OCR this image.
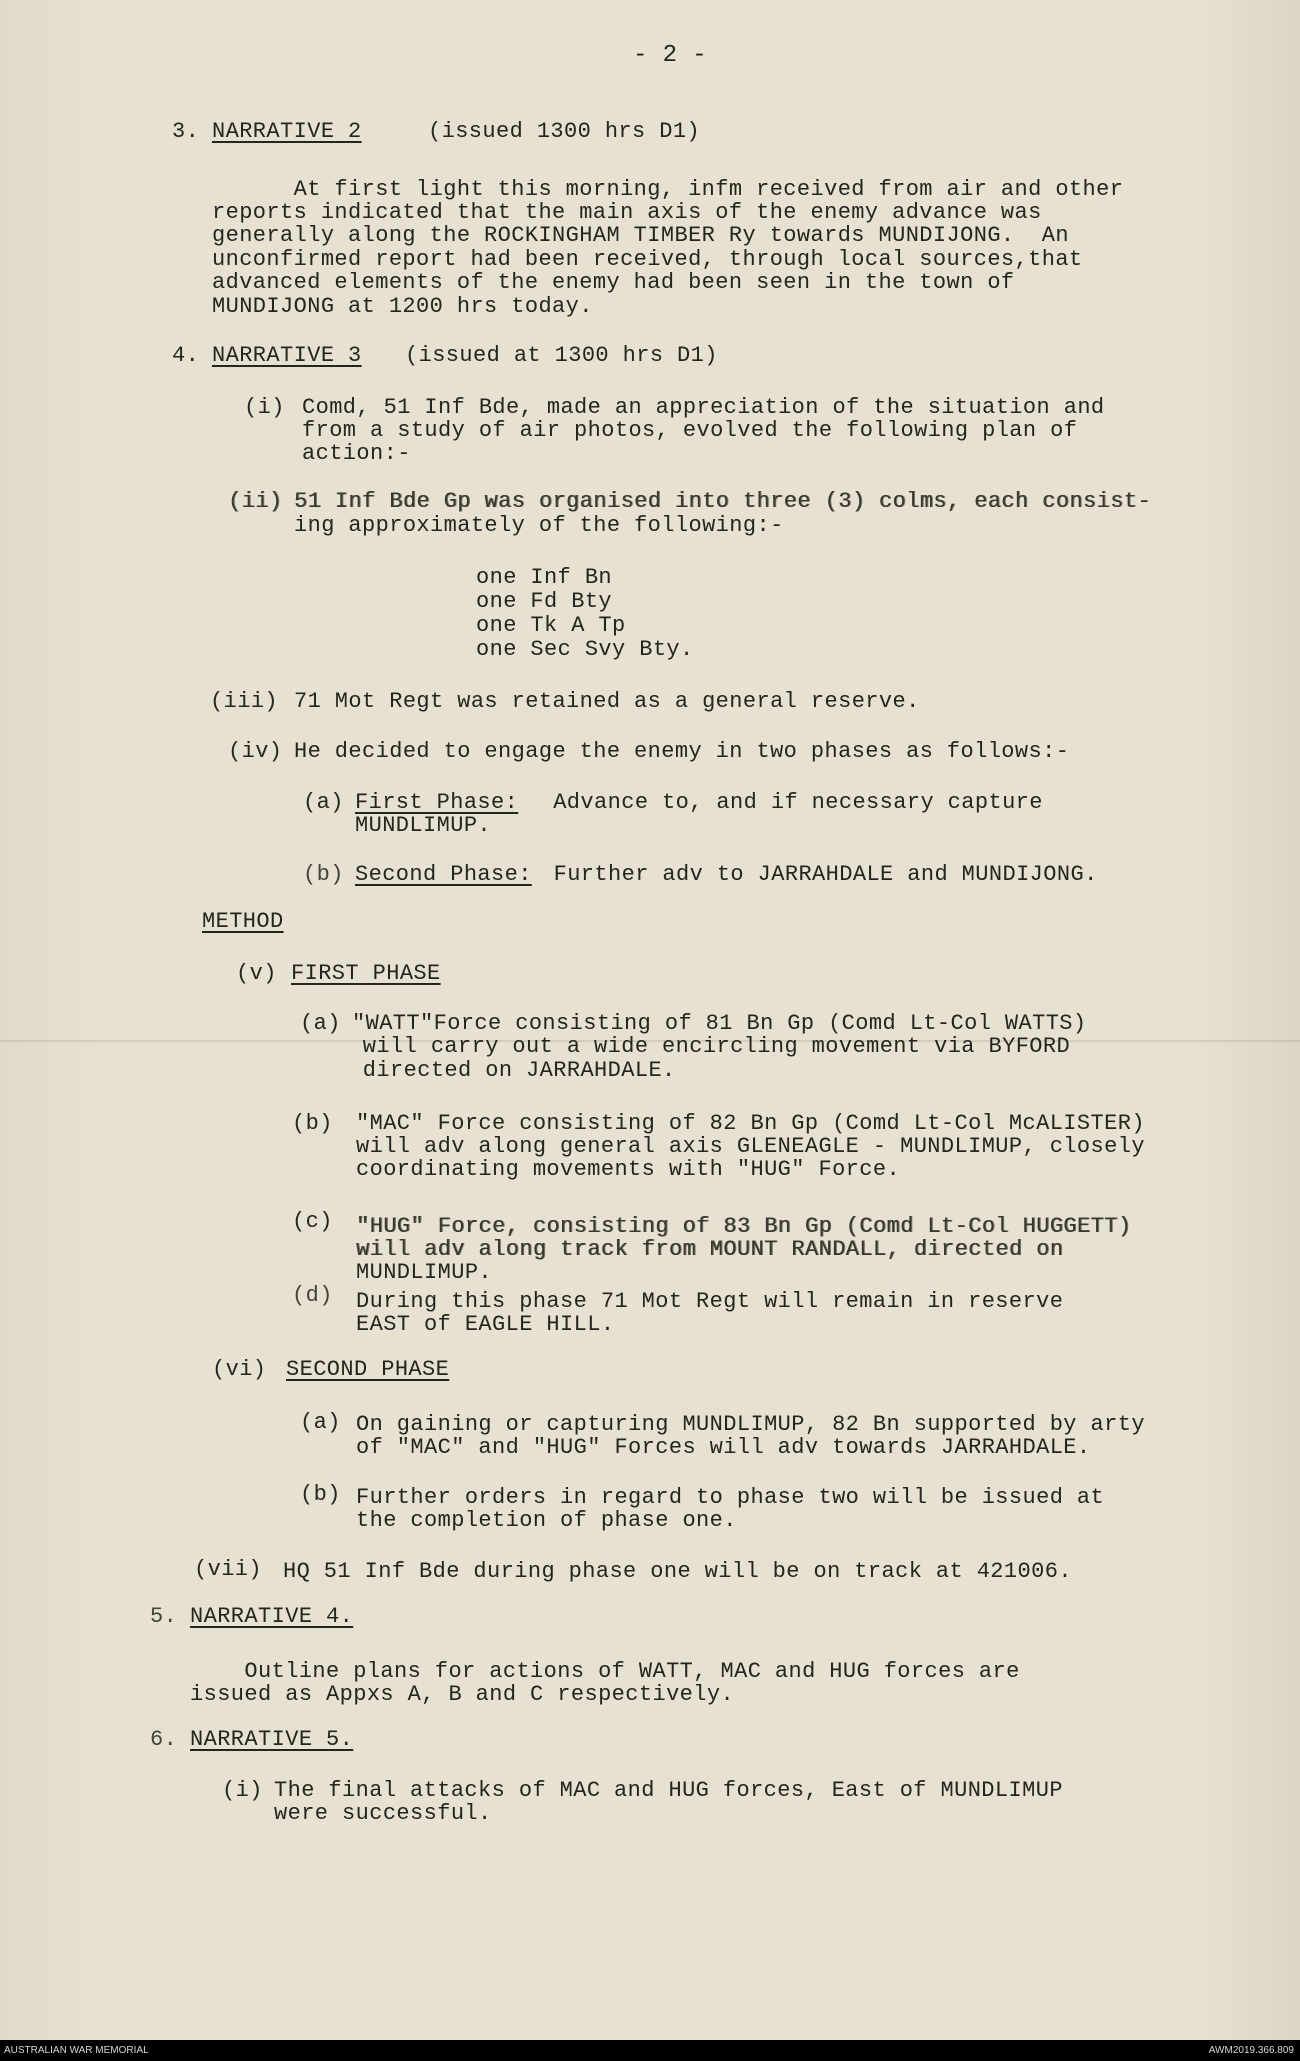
- 2 -

3. NARRATIVE 2	(issued 1300 hrs D1)

At first light this morning, infm received from air and other

reports indicated that the main axis of the enemy advance was

generally along the ROCKINGHAM TIMBER Ry towards MUNDIJONG.  An

unconfirmed report had been received, through local sources,that

advanced elements of the enemy had been seen in the town of

MUNDIJONG at 1200 hrs today.

4. NARRATIVE 3 (issued at 1300 hrs D1)

(i) Comd, 51 Inf Bde, made an appreciation of the situation and

from a study of air photos, evolved the following plan of

action:-

(ii) 51 Inf Bde Gp was organised into three (3) colms, each consist-

ing approximately of the following:-

one Inf Bn

one Fd Bty

one Tk A Tp

one Sec Svy Bty.

(iii) 71 Mot Regt was retained as a general reserve.

(iv) He decided to engage the enemy in two phases as follows:-

(a) First Phase: Advance to, and if necessary capture

MUNDLIMUP.

(b) Second Phase: Further adv to JARRAHDALE and MUNDIJONG.

METHOD

(v) FIRST PHASE

(a) "WATT"Force consisting of 81 Bn Gp (Comd Lt-Col WATTS)

will carry out a wide encircling movement via BYFORD

directed on JARRAHDALE.

(b) "MAC" Force consisting of 82 Bn Gp (Comd Lt-Col McALISTER)

will adv along general axis GLENEAGLE - MUNDLIMUP, closely

coordinating movements with "HUG" Force.

(c) "HUG" Force, consisting of 83 Bn Gp (Comd Lt-Col HUGGETT)

will adv along track from MOUNT RANDALL, directed on

MUNDLIMUP.

(d) During this phase 71 Mot Regt will remain in reserve

EAST of EAGLE HILL.

(vi) SECOND PHASE

(a) On gaining or capturing MUNDLIMUP, 82 Bn supported by arty

of "MAC" and "HUG" Forces will adv towards JARRAHDALE.

(b) Further orders in regard to phase two will be issued at

the completion of phase one.

(vii) HQ 51 Inf Bde during phase one will be on track at 421006.

5. NARRATIVE 4.

Outline plans for actions of WATT, MAC and HUG forces are

issued as Appxs A, B and C respectively.

6. NARRATIVE 5.

(i) The final attacks of MAC and HUG forces, East of MUNDLIMUP

were successful.

AUSTRALIAN WAR MEMORIAL	AWM2019.366.809
